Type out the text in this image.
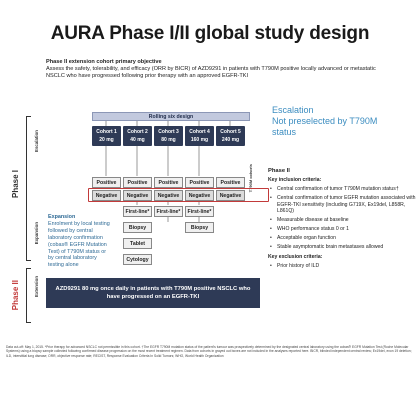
AURA Phase I/II global study design
Phase II extension cohort primary objective
Assess the safety, tolerability, and efficacy (ORR by BICR) of AZD9291 in patients with T790M positive locally advanced or metastatic NSCLC who have progressed following prior therapy with an approved EGFR-TKI
Phase I
Escalation
Expansion
Phase II	Extension
Rolling six design
Cohort 1
20 mg
Cohort 2
40 mg
Cohort 3
80 mg
Cohort 4
160 mg
Cohort 5
240 mg
T790M cohorts
Positive	Positive	Positive	Positive	Positive
Negative	Negative	Negative	Negative	Negative
First-line*	First-line*	First-line*
Biopsy	Biopsy
Tablet
Cytology
Expansion
Enrolment by local testing followed by central laboratory confirmation (cobas® EGFR Mutation Test) of T790M status or by central laboratory testing alone
AZD9291 80 mg once daily in patients with T790M positive NSCLC who have progressed on an EGFR-TKI
Escalation
Not preselected by T790M status
Phase II
Key inclusion criteria:
• Central confirmation of tumor T790M mutation status†
• Central confirmation of tumor EGFR mutation associated with EGFR-TKI sensitivity (including G719X, Ex19del, L858R, L861Q)
• Measurable disease at baseline
• WHO performance status 0 or 1
• Acceptable organ function
• Stable asymptomatic brain metastases allowed
Key exclusion criteria:
• Prior history of ILD
Data cut-off: May 1, 2015. *Prior therapy for advanced NSCLC not permissible in this cohort. †The EGFR T790M mutation status of the patient's tumour was prospectively determined by the designated central laboratory using the cobas® EGFR Mutation Test (Roche Molecular Systems) using a biopsy sample collected following confirmed disease progression on the most recent treatment regimen. Data from cohorts in grayed out boxes are not included in the analyses reported here. BICR, blinded independent central review; Ex19del, exon 19 deletion; ILD, interstitial lung disease; ORR, objective response rate; RECIST, Response Evaluation Criteria In Solid Tumors; WHO, World Health Organization
